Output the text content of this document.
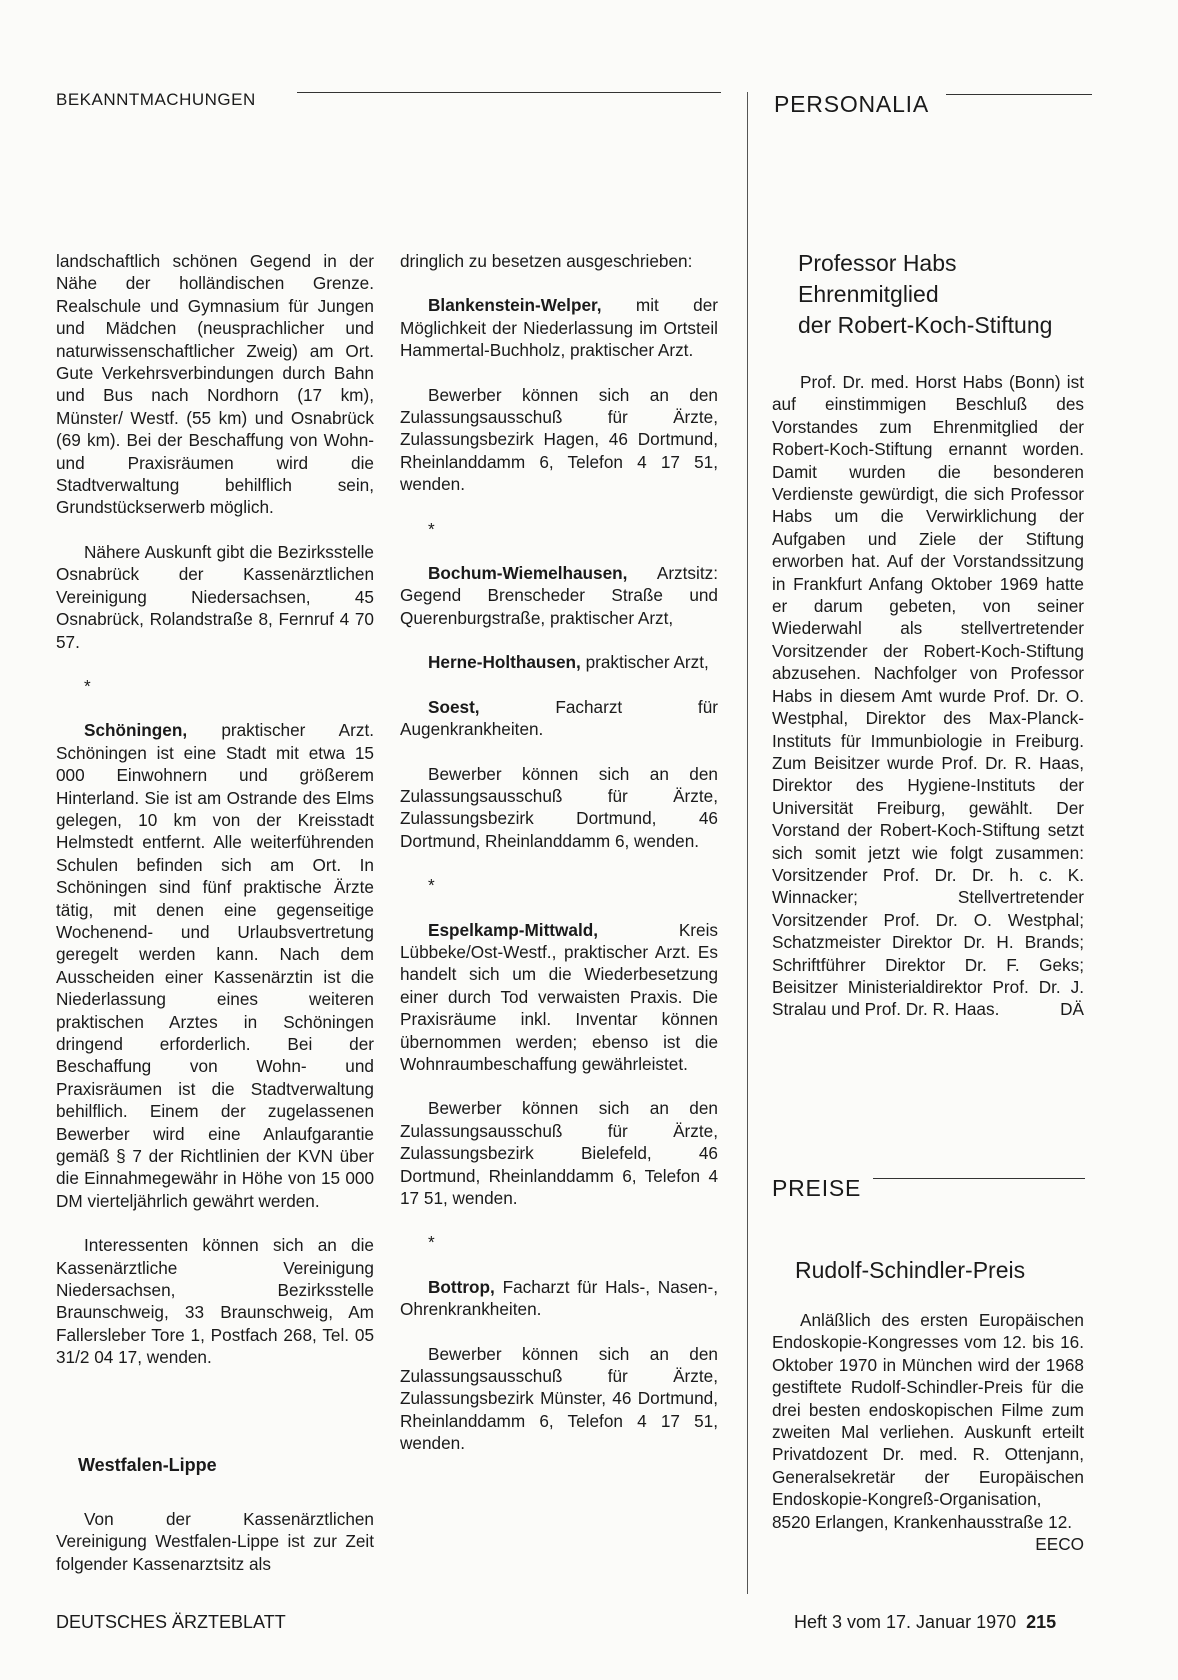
BEKANNTMACHUNGEN	PERSONALIA

landschaftlich schönen Gegend in der Nähe der holländischen Grenze. Realschule und Gymnasium für Jungen und Mädchen (neusprachlicher und naturwissenschaftlicher Zweig) am Ort. Gute Verkehrsverbindungen durch Bahn und Bus nach Nordhorn (17 km), Münster/ Westf. (55 km) und Osnabrück (69 km). Bei der Beschaffung von Wohn- und Praxisräumen wird die Stadtverwaltung behilflich sein, Grundstückserwerb möglich.

Nähere Auskunft gibt die Bezirksstelle Osnabrück der Kassenärztlichen Vereinigung Niedersachsen, 45 Osnabrück, Rolandstraße 8, Fernruf 4 70 57.

*

Schöningen, praktischer Arzt. Schöningen ist eine Stadt mit etwa 15 000 Einwohnern und größerem Hinterland. Sie ist am Ostrande des Elms gelegen, 10 km von der Kreisstadt Helmstedt entfernt. Alle weiterführenden Schulen befinden sich am Ort. In Schöningen sind fünf praktische Ärzte tätig, mit denen eine gegenseitige Wochenend- und Urlaubsvertretung geregelt werden kann. Nach dem Ausscheiden einer Kassenärztin ist die Niederlassung eines weiteren praktischen Arztes in Schöningen dringend erforderlich. Bei der Beschaffung von Wohn- und Praxisräumen ist die Stadtverwaltung behilflich. Einem der zugelassenen Bewerber wird eine Anlaufgarantie gemäß § 7 der Richtlinien der KVN über die Einnahmegewähr in Höhe von 15 000 DM vierteljährlich gewährt werden.

Interessenten können sich an die Kassenärztliche Vereinigung Niedersachsen, Bezirksstelle Braunschweig, 33 Braunschweig, Am Fallersleber Tore 1, Postfach 268, Tel. 05 31/2 04 17, wenden.

Westfalen-Lippe

Von der Kassenärztlichen Vereinigung Westfalen-Lippe ist zur Zeit folgender Kassenarztsitz als

dringlich zu besetzen ausgeschrieben:

Blankenstein-Welper, mit der Möglichkeit der Niederlassung im Ortsteil Hammertal-Buchholz, praktischer Arzt.

Bewerber können sich an den Zulassungsausschuß für Ärzte, Zulassungsbezirk Hagen, 46 Dortmund, Rheinlanddamm 6, Telefon 4 17 51, wenden.

*

Bochum-Wiemelhausen, Arztsitz: Gegend Brenscheder Straße und Querenburgstraße, praktischer Arzt,

Herne-Holthausen, praktischer Arzt,

Soest, Facharzt für Augenkrankheiten.

Bewerber können sich an den Zulassungsausschuß für Ärzte, Zulassungsbezirk Dortmund, 46 Dortmund, Rheinlanddamm 6, wenden.

*

Espelkamp-Mittwald, Kreis Lübbeke/Ost-Westf., praktischer Arzt. Es handelt sich um die Wiederbesetzung einer durch Tod verwaisten Praxis. Die Praxisräume inkl. Inventar können übernommen werden; ebenso ist die Wohnraumbeschaffung gewährleistet.

Bewerber können sich an den Zulassungsausschuß für Ärzte, Zulassungsbezirk Bielefeld, 46 Dortmund, Rheinlanddamm 6, Telefon 4 17 51, wenden.

*

Bottrop, Facharzt für Hals-, Nasen-, Ohrenkrankheiten.

Bewerber können sich an den Zulassungsausschuß für Ärzte, Zulassungsbezirk Münster, 46 Dortmund, Rheinlanddamm 6, Telefon 4 17 51, wenden.

Professor Habs
Ehrenmitglied
der Robert-Koch-Stiftung

Prof. Dr. med. Horst Habs (Bonn) ist auf einstimmigen Beschluß des Vorstandes zum Ehrenmitglied der Robert-Koch-Stiftung ernannt worden. Damit wurden die besonderen Verdienste gewürdigt, die sich Professor Habs um die Verwirklichung der Aufgaben und Ziele der Stiftung erworben hat. Auf der Vorstandssitzung in Frankfurt Anfang Oktober 1969 hatte er darum gebeten, von seiner Wiederwahl als stellvertretender Vorsitzender der Robert-Koch-Stiftung abzusehen. Nachfolger von Professor Habs in diesem Amt wurde Prof. Dr. O. Westphal, Direktor des Max-Planck-Instituts für Immunbiologie in Freiburg. Zum Beisitzer wurde Prof. Dr. R. Haas, Direktor des Hygiene-Instituts der Universität Freiburg, gewählt. Der Vorstand der Robert-Koch-Stiftung setzt sich somit jetzt wie folgt zusammen: Vorsitzender Prof. Dr. Dr. h. c. K. Winnacker; Stellvertretender Vorsitzender Prof. Dr. O. Westphal; Schatzmeister Direktor Dr. H. Brands; Schriftführer Direktor Dr. F. Geks; Beisitzer Ministerialdirektor Prof. Dr. J. Stralau und Prof. Dr. R. Haas.	DÄ

PREISE
Rudolf-Schindler-Preis

Anläßlich des ersten Europäischen Endoskopie-Kongresses vom 12. bis 16. Oktober 1970 in München wird der 1968 gestiftete Rudolf-Schindler-Preis für die drei besten endoskopischen Filme zum zweiten Mal verliehen. Auskunft erteilt Privatdozent Dr. med. R. Ottenjann, Generalsekretär der Europäischen Endoskopie-Kongreß-Organisation, 8520 Erlangen, Krankenhausstraße 12.
EECO

DEUTSCHES ÄRZTEBLATT	Heft 3 vom 17. Januar 1970 215
